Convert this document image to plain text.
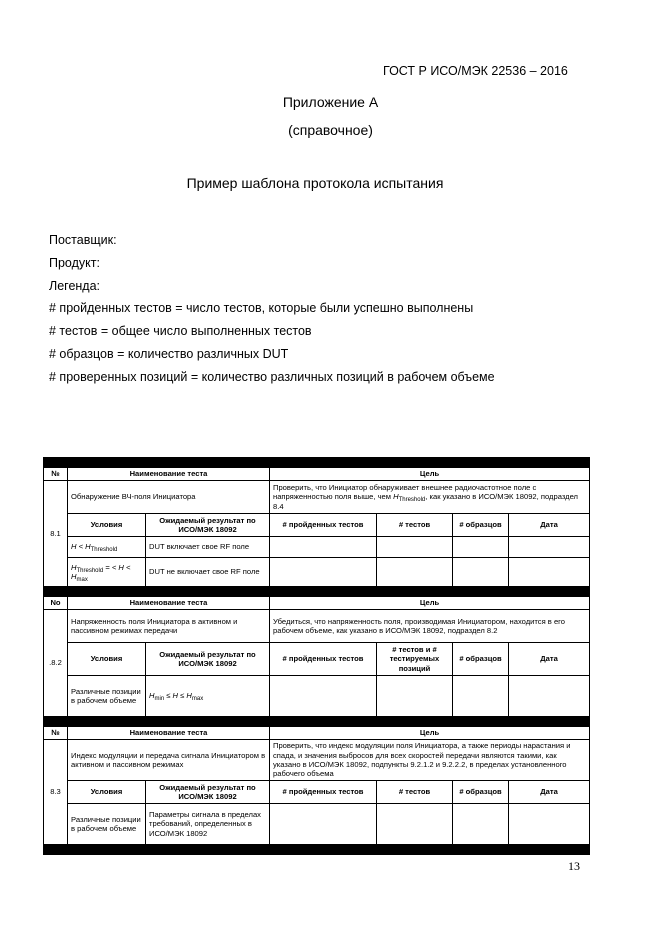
ГОСТ Р ИСО/МЭК 22536 – 2016
Приложение А
(справочное)
Пример шаблона протокола испытания
Поставщик:
Продукт:
Легенда:
# пройденных тестов = число тестов, которые были успешно выполнены
# тестов = общее число выполненных тестов
# образцов = количество различных DUT
# проверенных позиций = количество различных позиций в рабочем объеме

№	Наименование теста		Цель			
8.1	Обнаружение ВЧ-поля Инициатора		Проверить, что Инициатор обнаруживает внешнее радиочастотное поле с напряженностью поля выше, чем $H_{Threshold}$, как указано в ИСО/МЭК 18092, подраздел 8.4			
	Условия	Ожидаемый результат по ИСО/МЭК 18092	# пройденных тестов	# тестов	# образцов	Дата
	$H < H_{Threshold}$	DUT включает свое RF поле				
	$H_{Threshold}$ = < $H < H_{max}$	DUT не включает свое RF поле				

No	Наименование теста		Цель			
.8.2	Напряженность поля Инициатора в активном и пассивном режимах передачи		Убедиться, что напряженность поля, производимая Инициатором, находится в его рабочем объеме, как указано в ИСО/МЭК 18092, подраздел 8.2			
	Условия	Ожидаемый результат по ИСО/МЭК 18092	# пройденных тестов	# тестов и # тестируемых позиций	# образцов	Дата
	Различные позиции в рабочем объеме	$H_{min} \le H \le H_{max}$				

№	Наименование теста		Цель			
8.3	Индекс модуляции и передача сигнала Инициатором в активном и пассивном режимах		Проверить, что индекс модуляции поля Инициатора, а также периоды нарастания и спада, и значения выбросов для всех скоростей передачи являются такими, как указано в ИСО/МЭК 18092, подпункты 9.2.1.2 и 9.2.2.2, в пределах установленного рабочего объема			
	Условия	Ожидаемый результат по ИСО/МЭК 18092	# пройденных тестов	# тестов	# образцов	Дата
	Различные позиции в рабочем объеме	Параметры сигнала в пределах требований, определенных в ИСО/МЭК 18092				

13
